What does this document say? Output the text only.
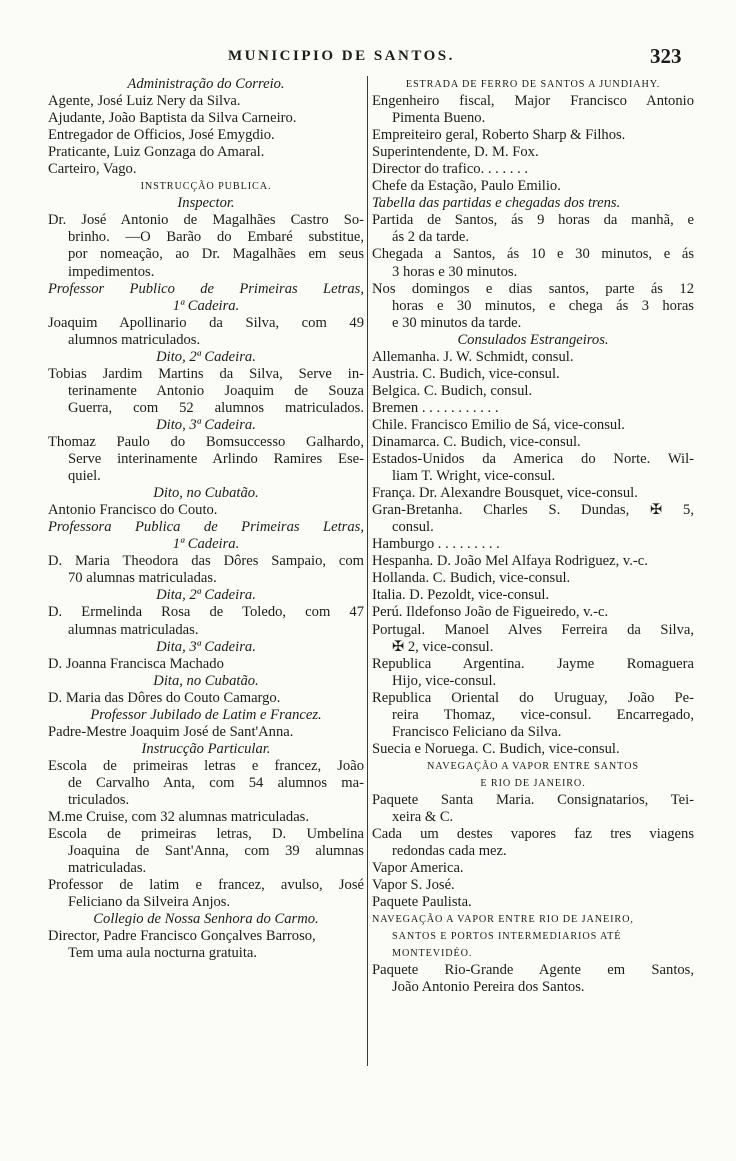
MUNICIPIO DE SANTOS.	323
Administração do Correio.
Agente, José Luiz Nery da Silva.
Ajudante, João Baptista da Silva Carneiro.
Entregador de Officios, José Emygdio.
Praticante, Luiz Gonzaga do Amaral.
Carteiro, Vago.
INSTRUCÇÃO PUBLICA.
Inspector.
Dr. José Antonio de Magalhães Castro So-
brinho. —O Barão do Embaré substitue,
por nomeação, ao Dr. Magalhães em seus
impedimentos.
Professor Publico de Primeiras Letras,
1ª Cadeira.
Joaquim Apollinario da Silva, com 49
alumnos matriculados.
Dito, 2ª Cadeira.
Tobias Jardim Martins da Silva, Serve in-
terinamente Antonio Joaquim de Souza
Guerra, com 52 alumnos matriculados.
Dito, 3ª Cadeira.
Thomaz Paulo do Bomsuccesso Galhardo,
Serve interinamente Arlindo Ramires Ese-
quiel.
Dito, no Cubatão.
Antonio Francisco do Couto.
Professora Publica de Primeiras Letras,
1ª Cadeira.
D. Maria Theodora das Dôres Sampaio, com
70 alumnas matriculadas.
Dita, 2ª Cadeira.
D. Ermelinda Rosa de Toledo, com 47
alumnas matriculadas.
Dita, 3ª Cadeira.
D. Joanna Francisca Machado
Dita, no Cubatão.
D. Maria das Dôres do Couto Camargo.
Professor Jubilado de Latim e Francez.
Padre-Mestre Joaquim José de Sant'Anna.
Instrucção Particular.
Escola de primeiras letras e francez, João
de Carvalho Anta, com 54 alumnos ma-
triculados.
M.me Cruise, com 32 alumnas matriculadas.
Escola de primeiras letras, D. Umbelina
Joaquina de Sant'Anna, com 39 alumnas
matriculadas.
Professor de latim e francez, avulso, José
Feliciano da Silveira Anjos.
Collegio de Nossa Senhora do Carmo.
Director, Padre Francisco Gonçalves Barroso,
Tem uma aula nocturna gratuita.
ESTRADA DE FERRO DE SANTOS A JUNDIAHY.
Engenheiro fiscal, Major Francisco Antonio
Pimenta Bueno.
Empreiteiro geral, Roberto Sharp & Filhos.
Superintendente, D. M. Fox.
Director do trafico. . . . . . .
Chefe da Estação, Paulo Emilio.
Tabella das partidas e chegadas dos trens.
Partida de Santos, ás 9 horas da manhã, e
ás 2 da tarde.
Chegada a Santos, ás 10 e 30 minutos, e ás
3 horas e 30 minutos.
Nos domingos e dias santos, parte ás 12
horas e 30 minutos, e chega ás 3 horas
e 30 minutos da tarde.
Consulados Estrangeiros.
Allemanha. J. W. Schmidt, consul.
Austria. C. Budich, vice-consul.
Belgica. C. Budich, consul.
Bremen . . . . . . . . . . .
Chile. Francisco Emilio de Sá, vice-consul.
Dinamarca. C. Budich, vice-consul.
Estados-Unidos da America do Norte. Wil-
liam T. Wright, vice-consul.
França. Dr. Alexandre Bousquet, vice-consul.
Gran-Bretanha. Charles S. Dundas, ✠ 5,
consul.
Hamburgo . . . . . . . . .
Hespanha. D. João Mel Alfaya Rodriguez, v.-c.
Hollanda. C. Budich, vice-consul.
Italia. D. Pezoldt, vice-consul.
Perú. Ildefonso João de Figueiredo, v.-c.
Portugal. Manoel Alves Ferreira da Silva,
✠ 2, vice-consul.
Republica Argentina. Jayme Romaguera
Hijo, vice-consul.
Republica Oriental do Uruguay, João Pe-
reira Thomaz, vice-consul. Encarregado,
Francisco Feliciano da Silva.
Suecia e Noruega. C. Budich, vice-consul.
NAVEGAÇÃO A VAPOR ENTRE SANTOS
E RIO DE JANEIRO.
Paquete Santa Maria. Consignatarios, Tei-
xeira & C.
Cada um destes vapores faz tres viagens
redondas cada mez.
Vapor America.
Vapor S. José.
Paquete Paulista.
NAVEGAÇÃO A VAPOR ENTRE RIO DE JANEIRO,
SANTOS E PORTOS INTERMEDIARIOS ATÉ
MONTEVIDÉO.
Paquete Rio-Grande Agente em Santos,
João Antonio Pereira dos Santos.
